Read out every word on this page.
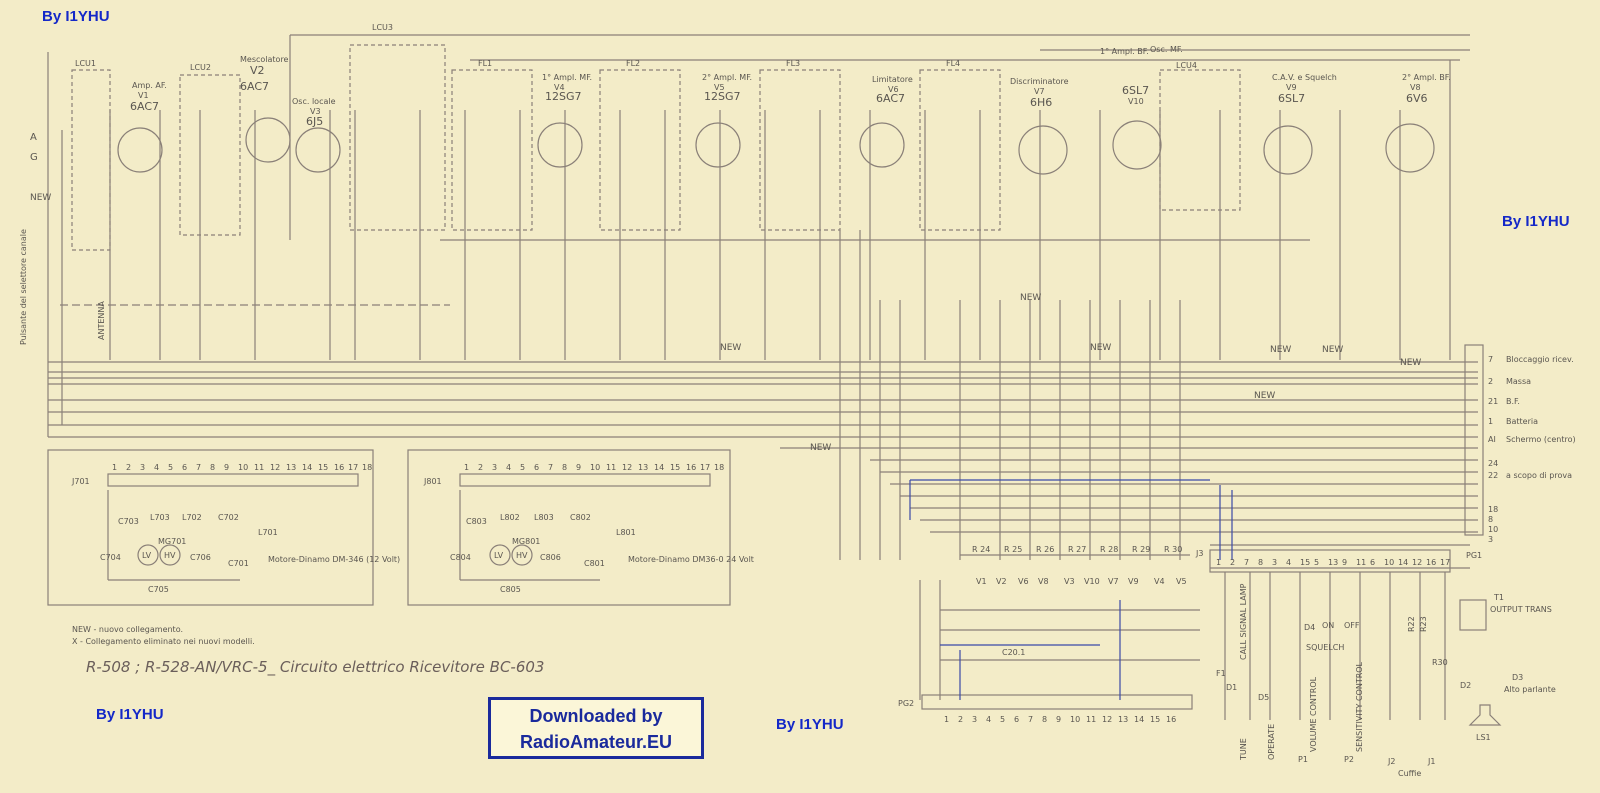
NEW
A
G
Pulsante del selettore canale	ANTENNA
LCU1	LCU2
LCU3
FL1	FL2	FL3	FL4	LCU4
Amp. AF.
V1
6AC7
Mescolatore
V2
6AC7
Osc. locale
V3
6J5
1° Ampl. MF.
V4
12SG7
2° Ampl. MF.
V5
12SG7
Limitatore
V6
6AC7
Discriminatore
V7
6H6
1° Ampl. BF.
V10
6SL7
C.A.V. e Squelch
V9
6SL7
2° Ampl. BF.
V8
6V6
Osc. MF.
7 Bloccaggio ricev.
2 Massa
21 B.F.
1 Batteria
AI Schermo (centro)
24
22 a scopo di prova
18
8
10
3
PG1
J701
1 2 3 4 5 6 7 8 9 10 11 12 13 14 15 16 17 18
C703
C704
L703 L702
C705
C706
L701
C701
C702
MG701
LV HV	Motore-Dinamo DM-346 (12 Volt)
J801
1 2 3 4 5 6 7 8 9 10 11 12 13 14 15 16 17 18
C803
C804
L802 L803
C805
C806
L801
C801
C802
MG801
LV HV	Motore-Dinamo DM36-0 24 Volt
NEW - nuovo collegamento.
X - Collegamento eliminato nei nuovi modelli.
R-508 ; R-528-AN/VRC-5_ Circuito elettrico Ricevitore BC-603
R 24 R 25 R 26 R 27 R 28 R 29 R 30
V1 V2 V6 V8 V3 V10 V7 V9 V4 V5
C20.1
PG2
1 2 3 4 5 6 7 8 9 10 11 12 13 14 15 16
J3
1 2 7 8 3 4 15 5 13 9 11 6 10 14 12 16 17
CALL SIGNAL LAMP
D1
D5
F1
TUNE OPERATE
D4 ON OFF
SQUELCH
VOLUME CONTROL	SENSITIVITY CONTROL
P1	P2	J2	J1
Cuffie
T1
OUTPUT TRANS
R30
D3
Alto parlante
LS1
R22 R23
D2
NEW
NEW
NEW	NEW	NEW
NEW
NEW
NEW
By I1YHU
By I1YHU
By I1YHU
By I1YHU
Downloaded by
RadioAmateur.EU
